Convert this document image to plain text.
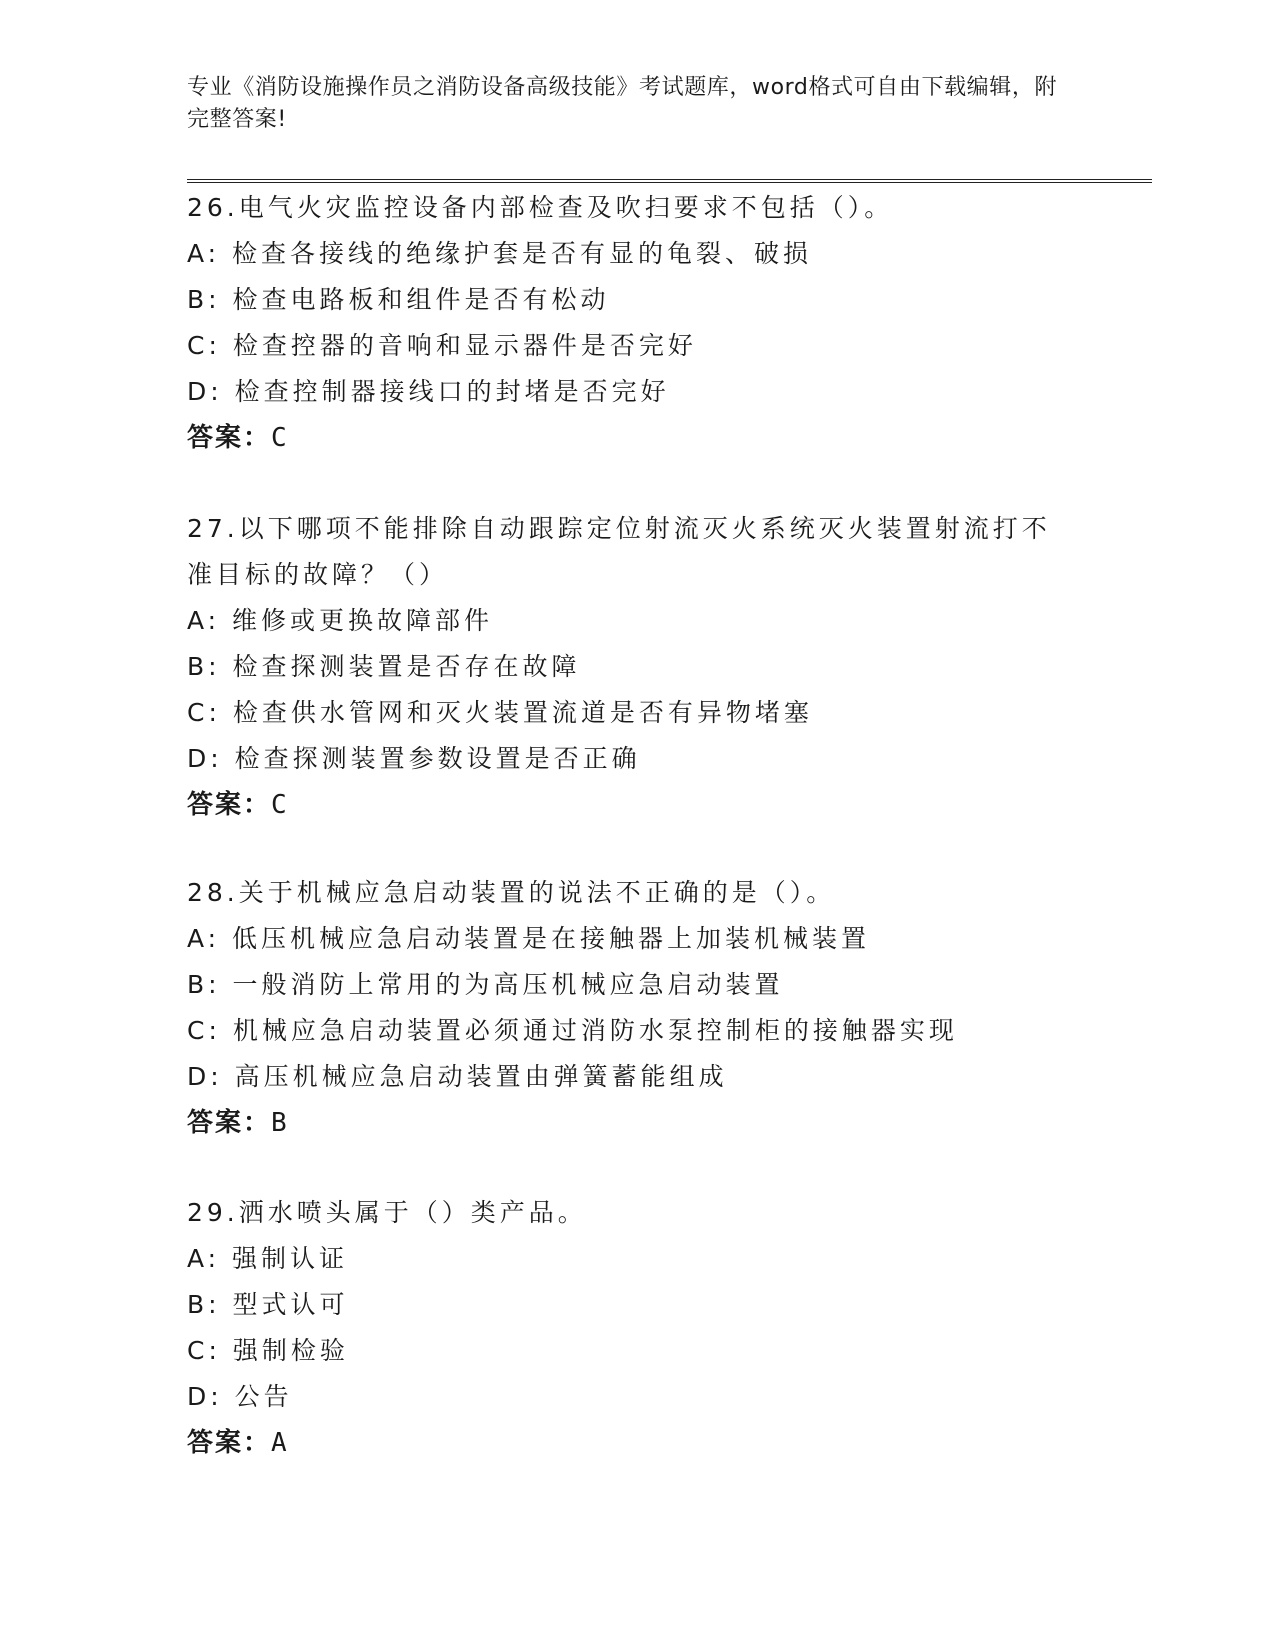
专业《消防设施操作员之消防设备高级技能》考试题库，word格式可自由下载编辑，附完整答案!
26.电气火灾监控设备内部检查及吹扫要求不包括（）。
A: 检查各接线的绝缘护套是否有显的龟裂、破损
B: 检查电路板和组件是否有松动
C: 检查控器的音响和显示器件是否完好
D: 检查控制器接线口的封堵是否完好
答案：C
27.以下哪项不能排除自动跟踪定位射流灭火系统灭火装置射流打不准目标的故障？（）
A: 维修或更换故障部件
B: 检查探测装置是否存在故障
C: 检查供水管网和灭火装置流道是否有异物堵塞
D: 检查探测装置参数设置是否正确
答案：C
28.关于机械应急启动装置的说法不正确的是（）。
A: 低压机械应急启动装置是在接触器上加装机械装置
B: 一般消防上常用的为高压机械应急启动装置
C: 机械应急启动装置必须通过消防水泵控制柜的接触器实现
D: 高压机械应急启动装置由弹簧蓄能组成
答案：B
29.洒水喷头属于（）类产品。
A: 强制认证
B: 型式认可
C: 强制检验
D: 公告
答案：A
